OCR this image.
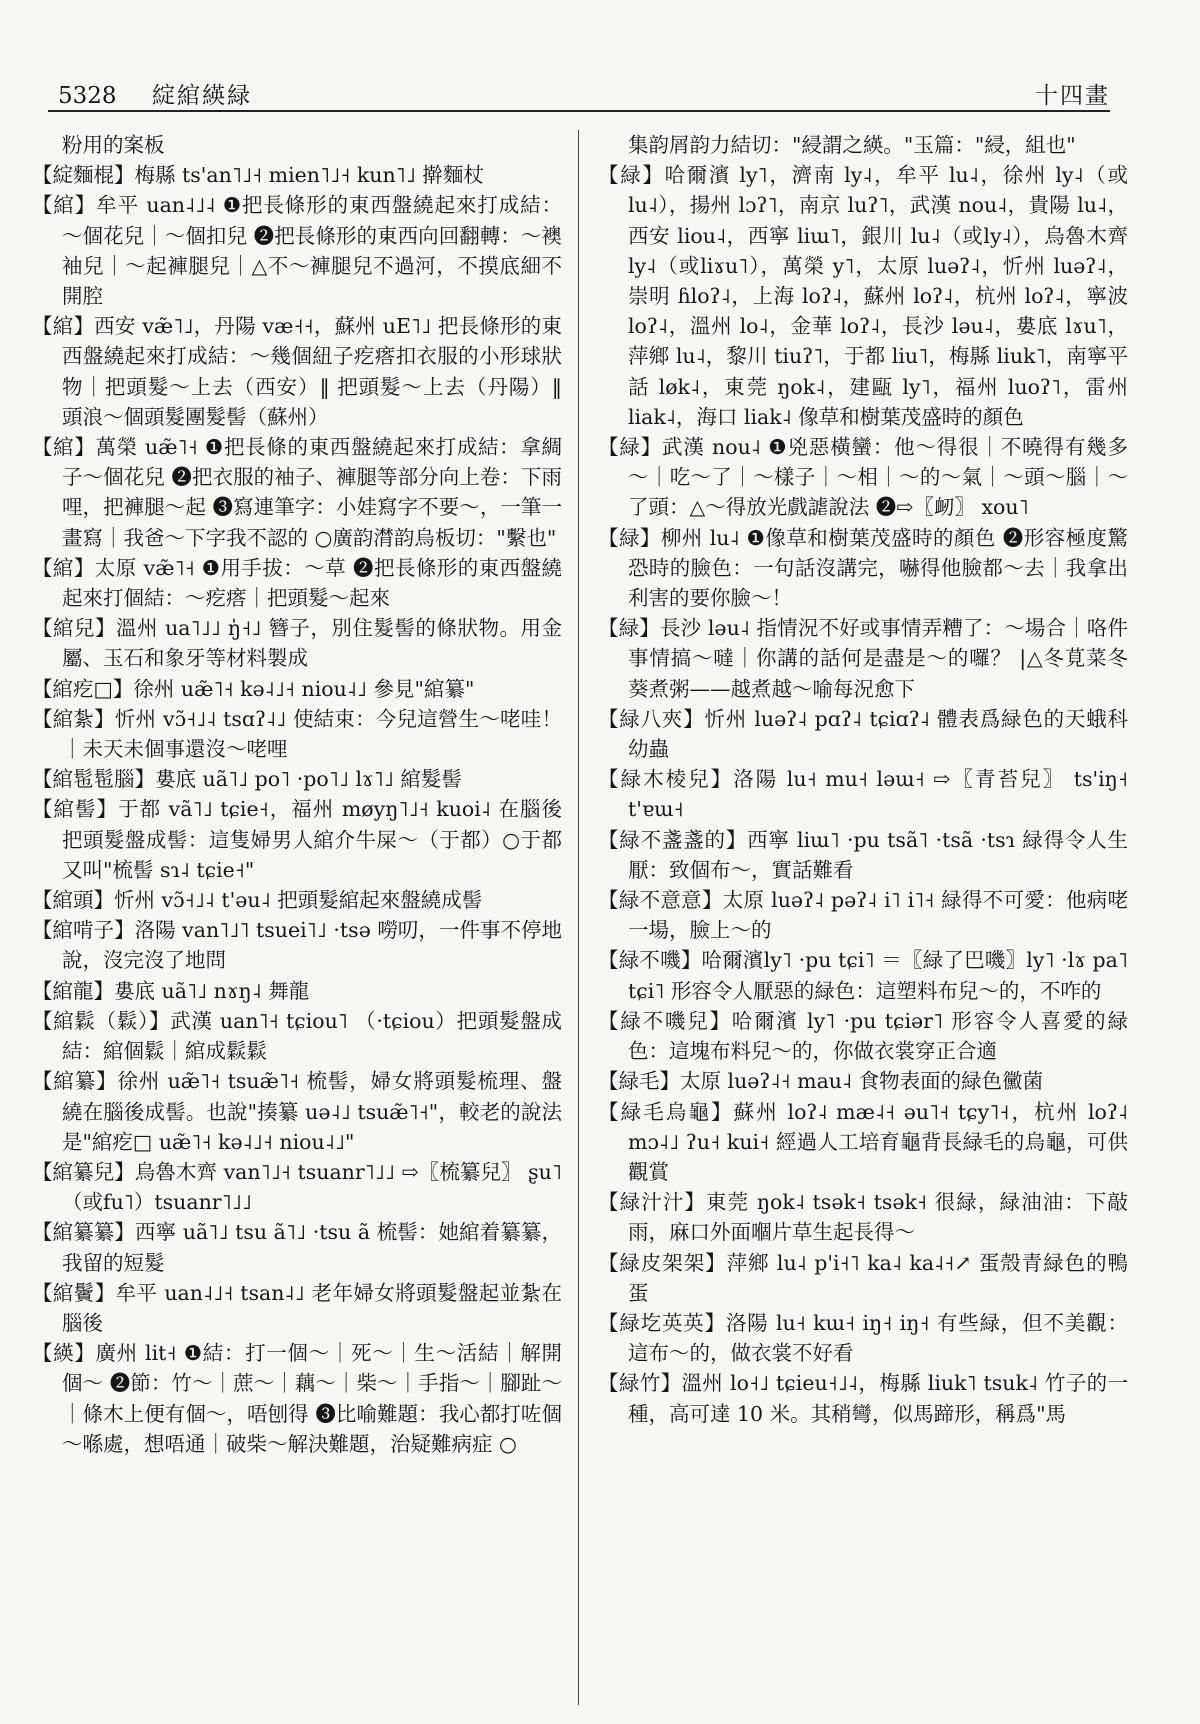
5328 綻綰緓緑	十四畫

粉用的案板

【綻麵棍】梅縣 ts'an˥˩˧ mien˥˩˧ kun˥˩ 擀麵杖

【綰】牟平 uan˨˩˨ ❶把長條形的東西盤繞起來打成結：～個花兒｜～個扣兒 ❷把長條形的東西向回翻轉：～襖袖兒｜～起褲腿兒｜△不～褲腿兒不過河，不摸底細不開腔

【綰】西安 væ̃˥˩，丹陽 væ˧˧，蘇州 uE˥˩ 把長條形的東西盤繞起來打成結：～幾個紐子疙瘩扣衣服的小形球狀物｜把頭髮～上去（西安）‖ 把頭髮～上去（丹陽）‖ 頭浪～個頭髮團髮髻（蘇州）

【綰】萬榮 uæ̃˥˧ ❶把長條的東西盤繞起來打成結：拿綢子～個花兒 ❷把衣服的袖子、褲腿等部分向上卷：下雨哩，把褲腿～起 ❸寫連筆字：小娃寫字不要～，一筆一畫寫｜我爸～下字我不認的 ○廣韵潸韵烏板切："繫也"

【綰】太原 væ̃˥˧ ❶用手拔：～草 ❷把長條形的東西盤繞起來打個結：～疙瘩｜把頭髮～起來

【綰兒】溫州 ua˥˩˩ ŋ̍˧˩ 簪子，別住髮髻的條狀物。用金屬、玉石和象牙等材料製成

【綰疙□】徐州 uæ̃˥˧ kə˨˩˧ niou˨˩ 參見"綰纂"

【綰紮】忻州 vɔ̃˧˩˨ tsɑʔ˨˩ 使結束：今兒這營生～咾哇！｜未天未個事還沒～咾哩

【綰髢髢腦】婁底 uã˥˩ po˥ ·po˥˩ lɤ˥˩ 綰髮髻

【綰髻】于都 vã˥˩ tɕie˧，福州 møyŋ˥˩˧ kuoi˨ 在腦後把頭髮盤成髻：這隻婦男人綰介牛屎～（于都）○于都又叫"梳髻 sɿ˨ tɕie˧"

【綰頭】忻州 vɔ̃˧˩˨ t'əu˨ 把頭髮綰起來盤繞成髻

【綰啃子】洛陽 van˥˩˥ tsuei˥˩ ·tsə 嘮叨，一件事不停地說，沒完沒了地問

【綰龍】婁底 uã˥˩ nɤŋ˨ 舞龍

【綰鬏（鬏）】武漢 uan˥˧ tɕiou˥ （·tɕiou）把頭髮盤成結：綰個鬏｜綰成鬏鬏

【綰纂】徐州 uæ̃˥˧ tsuæ̃˥˧ 梳髻，婦女將頭髮梳理、盤繞在腦後成髻。也說"揍纂 uə˨˩ tsuæ̃˥˧"，較老的說法是"綰疙□ uæ̃˥˧ kə˨˩˧ niou˨˩"

【綰纂兒】烏魯木齊 van˥˩˧ tsuanr˥˩˩ ⇨〖梳纂兒〗 ʂu˥（或fu˥）tsuanr˥˩˩

【綰纂纂】西寧 uã˥˩ tsu ã˥˩ ·tsu ã 梳髻：她綰着纂纂，我留的短髮

【綰鬢】牟平 uan˨˩˧ tsan˨˩ 老年婦女將頭髮盤起並紮在腦後

【緓】廣州 lit˧ ❶結：打一個～｜死～｜生～活結｜解開個～ ❷節：竹～｜蔗～｜藕～｜柴～｜手指～｜腳趾～｜條木上便有個～，唔刨得 ❸比喻難題：我心都打咗個～喺處，想唔通｜破柴～解決難題，治疑難病症 ○

集韵屑韵力結切："綅謂之緓。"玉篇："綅，組也"

【緑】哈爾濱 ly˥，濟南 ly˨，牟平 lu˨，徐州 ly˨（或lu˨），揚州 lɔʔ˥，南京 luʔ˥，武漢 nou˨，貴陽 lu˨，西安 liou˨，西寧 liɯ˥，銀川 lu˨（或ly˨），烏魯木齊 ly˨（或liɤu˥），萬榮 y˥，太原 luəʔ˨，忻州 luəʔ˨，崇明 ɦloʔ˨，上海 loʔ˨，蘇州 loʔ˨，杭州 loʔ˨，寧波 loʔ˨，溫州 lo˨，金華 loʔ˨，長沙 ləu˨，婁底 lɤu˥，萍鄉 lu˨，黎川 tiuʔ˥，于都 liu˥，梅縣 liuk˥，南寧平話 løk˨，東莞 ŋok˨，建甌 ly˥，福州 luoʔ˥，雷州 liak˨，海口 liak˨ 像草和樹葉茂盛時的顏色

【緑】武漢 nou˨ ❶兇惡橫蠻：他～得很｜不曉得有幾多～｜吃～了｜～樣子｜～相｜～的～氣｜～頭～腦｜～了頭：△～得放光戲謔說法 ❷⇨〖衂〗 xou˥

【緑】柳州 lu˨ ❶像草和樹葉茂盛時的顏色 ❷形容極度驚恐時的臉色：一句話沒講完，嚇得他臉都～去｜我拿出利害的要你臉～！

【緑】長沙 ləu˨ 指情況不好或事情弄糟了：～場合｜咯件事情搞～噠｜你講的話何是盡是～的囉？ |△冬莧菜冬葵煮粥——越煮越～喻每況愈下

【緑八夾】忻州 luəʔ˨ pɑʔ˨ tɕiɑʔ˨ 體表爲緑色的天蛾科幼蟲

【緑木棱兒】洛陽 lu˧ mu˧ ləɯ˧ ⇨〖青苔兒〗 ts'iŋ˧ t'ɐɯ˧

【緑不盞盞的】西寧 liɯ˥ ·pu tsã˥ ·tsã ·tsɿ 緑得令人生厭：致個布～，實話難看

【緑不意意】太原 luəʔ˨ pəʔ˨ i˥ i˥˧ 緑得不可愛：他病咾一場，臉上～的

【緑不嘰】哈爾濱ly˥ ·pu tɕi˥ ＝〖緑了巴嘰〗ly˥ ·lɤ pa˥ tɕi˥ 形容令人厭惡的緑色：這塑料布兒～的，不咋的

【緑不嘰兒】哈爾濱 ly˥ ·pu tɕiər˥ 形容令人喜愛的緑色：這塊布料兒～的，你做衣裳穿正合適

【緑毛】太原 luəʔ˨˧ mau˨ 食物表面的緑色黴菌

【緑毛烏龜】蘇州 loʔ˨ mæ˨˧ əu˥˧ tɕy˥˧，杭州 loʔ˨ mɔ˨˩ ʔu˧ kui˧ 經過人工培育龜背長緑毛的烏龜，可供觀賞

【緑汁汁】東莞 ŋok˨ tsək˧ tsək˧ 很緑，緑油油：下敲雨，麻口外面嗰片草生起長得～

【緑皮架架】萍鄉 lu˨ p'i˧˥ ka˨ ka˨˧↗ 蛋殼青緑色的鴨蛋

【緑圪英英】洛陽 lu˧ kɯ˧ iŋ˧ iŋ˧ 有些緑，但不美觀：這布～的，做衣裳不好看

【緑竹】溫州 lo˧˩ tɕieu˧˩˨，梅縣 liuk˥ tsuk˨ 竹子的一種，高可達 10 米。其稍彎，似馬蹄形，稱爲"馬
